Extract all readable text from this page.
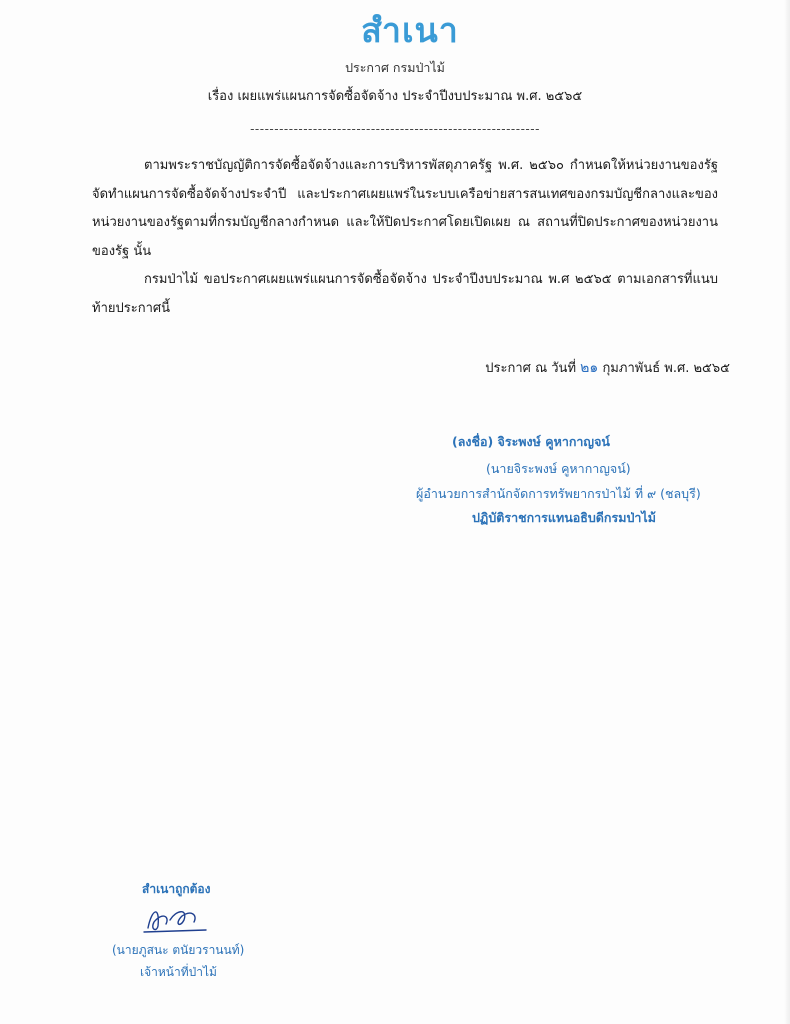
สำเนา
ประกาศ กรมป่าไม้
เรื่อง เผยแพร่แผนการจัดซื้อจัดจ้าง ประจำปีงบประมาณ พ.ศ. ๒๕๖๕
------------------------------------------------------------

ตามพระราชบัญญัติการจัดซื้อจัดจ้างและการบริหารพัสดุภาครัฐ พ.ศ. ๒๕๖๐ กำหนดให้หน่วยงานของรัฐจัดทำแผนการจัดซื้อจัดจ้างประจำปี และประกาศเผยแพร่ในระบบเครือข่ายสารสนเทศของกรมบัญชีกลางและของหน่วยงานของรัฐตามที่กรมบัญชีกลางกำหนด และให้ปิดประกาศโดยเปิดเผย ณ สถานที่ปิดประกาศของหน่วยงานของรัฐ นั้น

กรมป่าไม้ ขอประกาศเผยแพร่แผนการจัดซื้อจัดจ้าง ประจำปีงบประมาณ พ.ศ ๒๕๖๕ ตามเอกสารที่แนบท้ายประกาศนี้

ประกาศ ณ วันที่ ๒๑ กุมภาพันธ์ พ.ศ. ๒๕๖๕
(ลงชื่อ) จิระพงษ์ คูหากาญจน์
(นายจิระพงษ์ คูหากาญจน์)
ผู้อำนวยการสำนักจัดการทรัพยากรป่าไม้ ที่ ๙ (ชลบุรี)
ปฏิบัติราชการแทนอธิบดีกรมป่าไม้
สำเนาถูกต้อง
(นายภูสนะ ตนัยวรานนท์)
เจ้าหน้าที่ป่าไม้
